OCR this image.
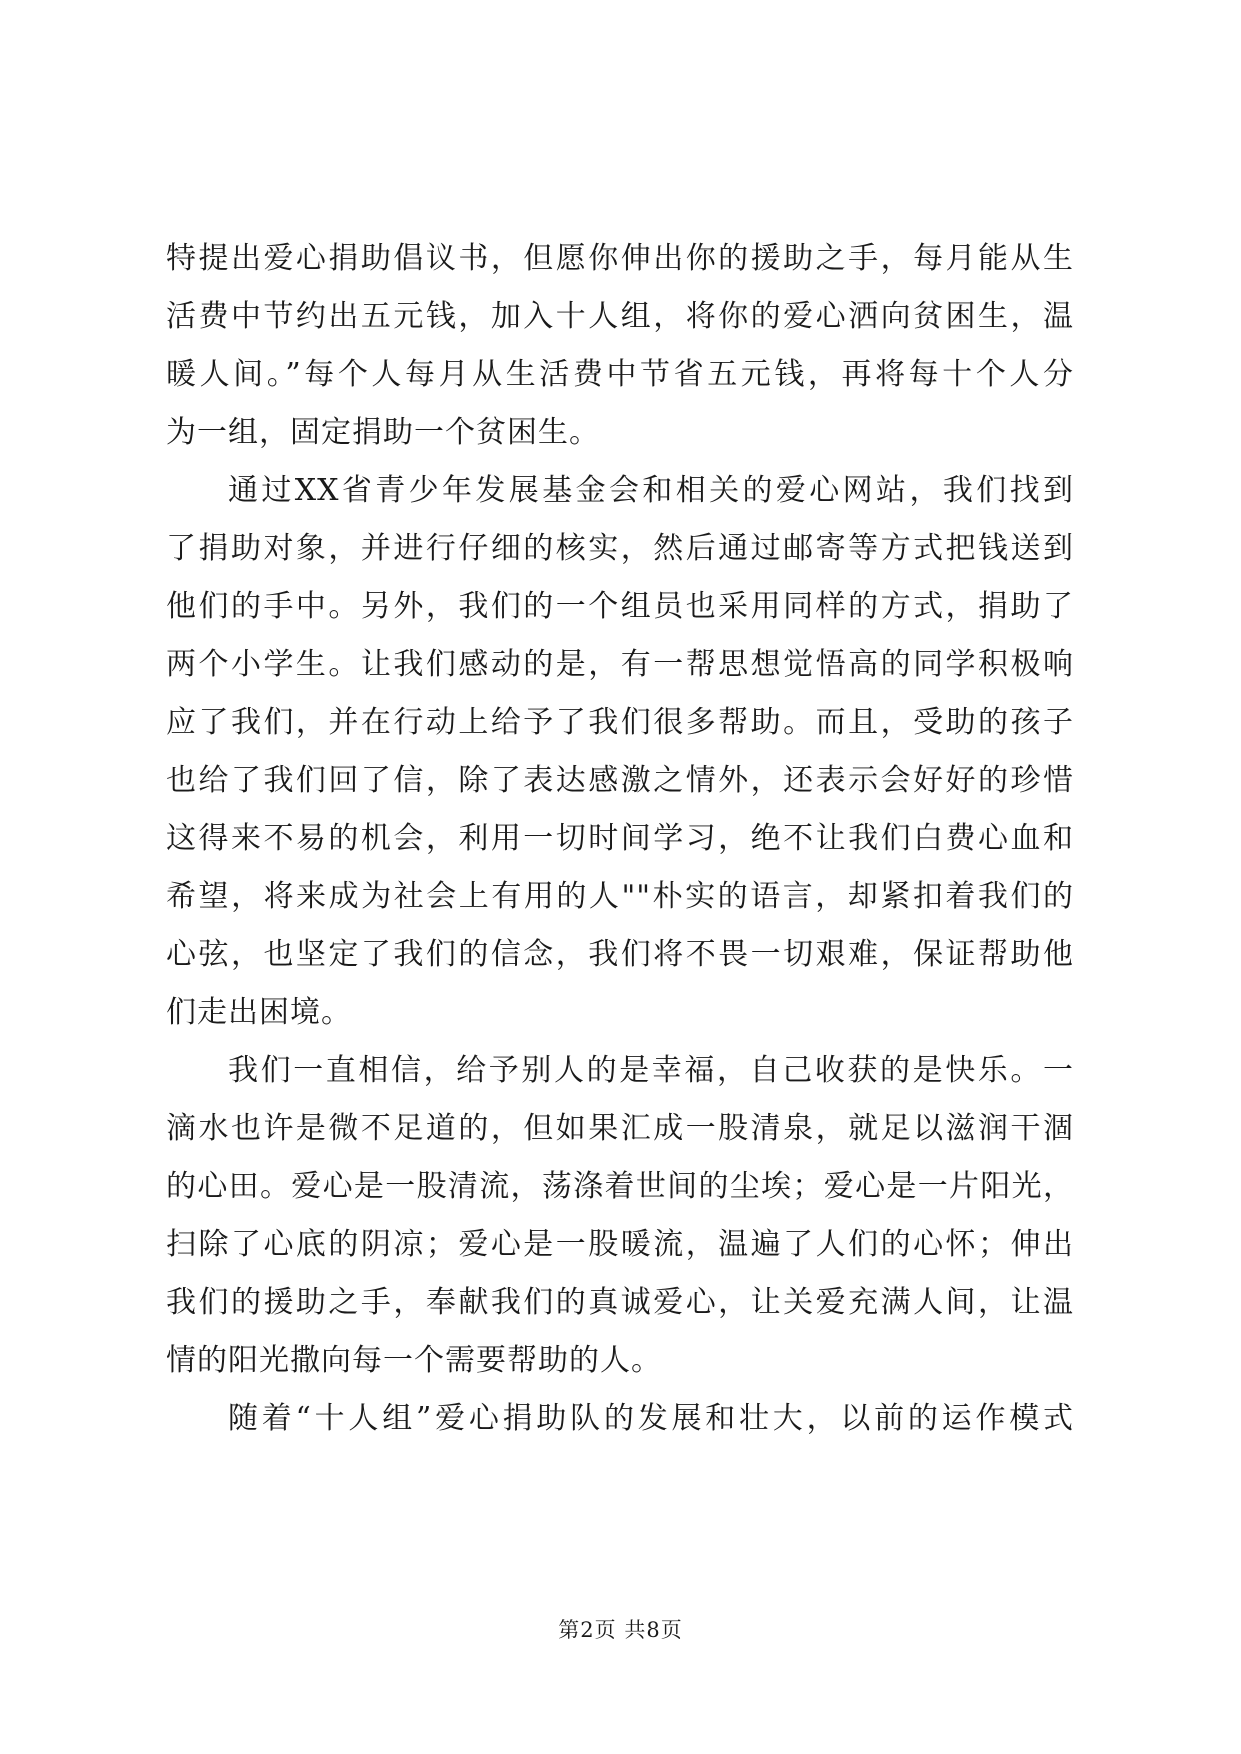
特提出爱心捐助倡议书，但愿你伸出你的援助之手，每月能从生
活费中节约出五元钱，加入十人组，将你的爱心洒向贫困生，温
暖人间。”每个人每月从生活费中节省五元钱，再将每十个人分
为一组，固定捐助一个贫困生。
通过XX省青少年发展基金会和相关的爱心网站，我们找到
了捐助对象，并进行仔细的核实，然后通过邮寄等方式把钱送到
他们的手中。另外，我们的一个组员也采用同样的方式，捐助了
两个小学生。让我们感动的是，有一帮思想觉悟高的同学积极响
应了我们，并在行动上给予了我们很多帮助。而且，受助的孩子
也给了我们回了信，除了表达感激之情外，还表示会好好的珍惜
这得来不易的机会，利用一切时间学习，绝不让我们白费心血和
希望，将来成为社会上有用的人""朴实的语言，却紧扣着我们的
心弦，也坚定了我们的信念，我们将不畏一切艰难，保证帮助他
们走出困境。
我们一直相信，给予别人的是幸福，自己收获的是快乐。一
滴水也许是微不足道的，但如果汇成一股清泉，就足以滋润干涸
的心田。爱心是一股清流，荡涤着世间的尘埃；爱心是一片阳光，
扫除了心底的阴凉；爱心是一股暖流，温遍了人们的心怀；伸出
我们的援助之手，奉献我们的真诚爱心，让关爱充满人间，让温
情的阳光撒向每一个需要帮助的人。
随着“十人组”爱心捐助队的发展和壮大，以前的运作模式
第2页 共8页
